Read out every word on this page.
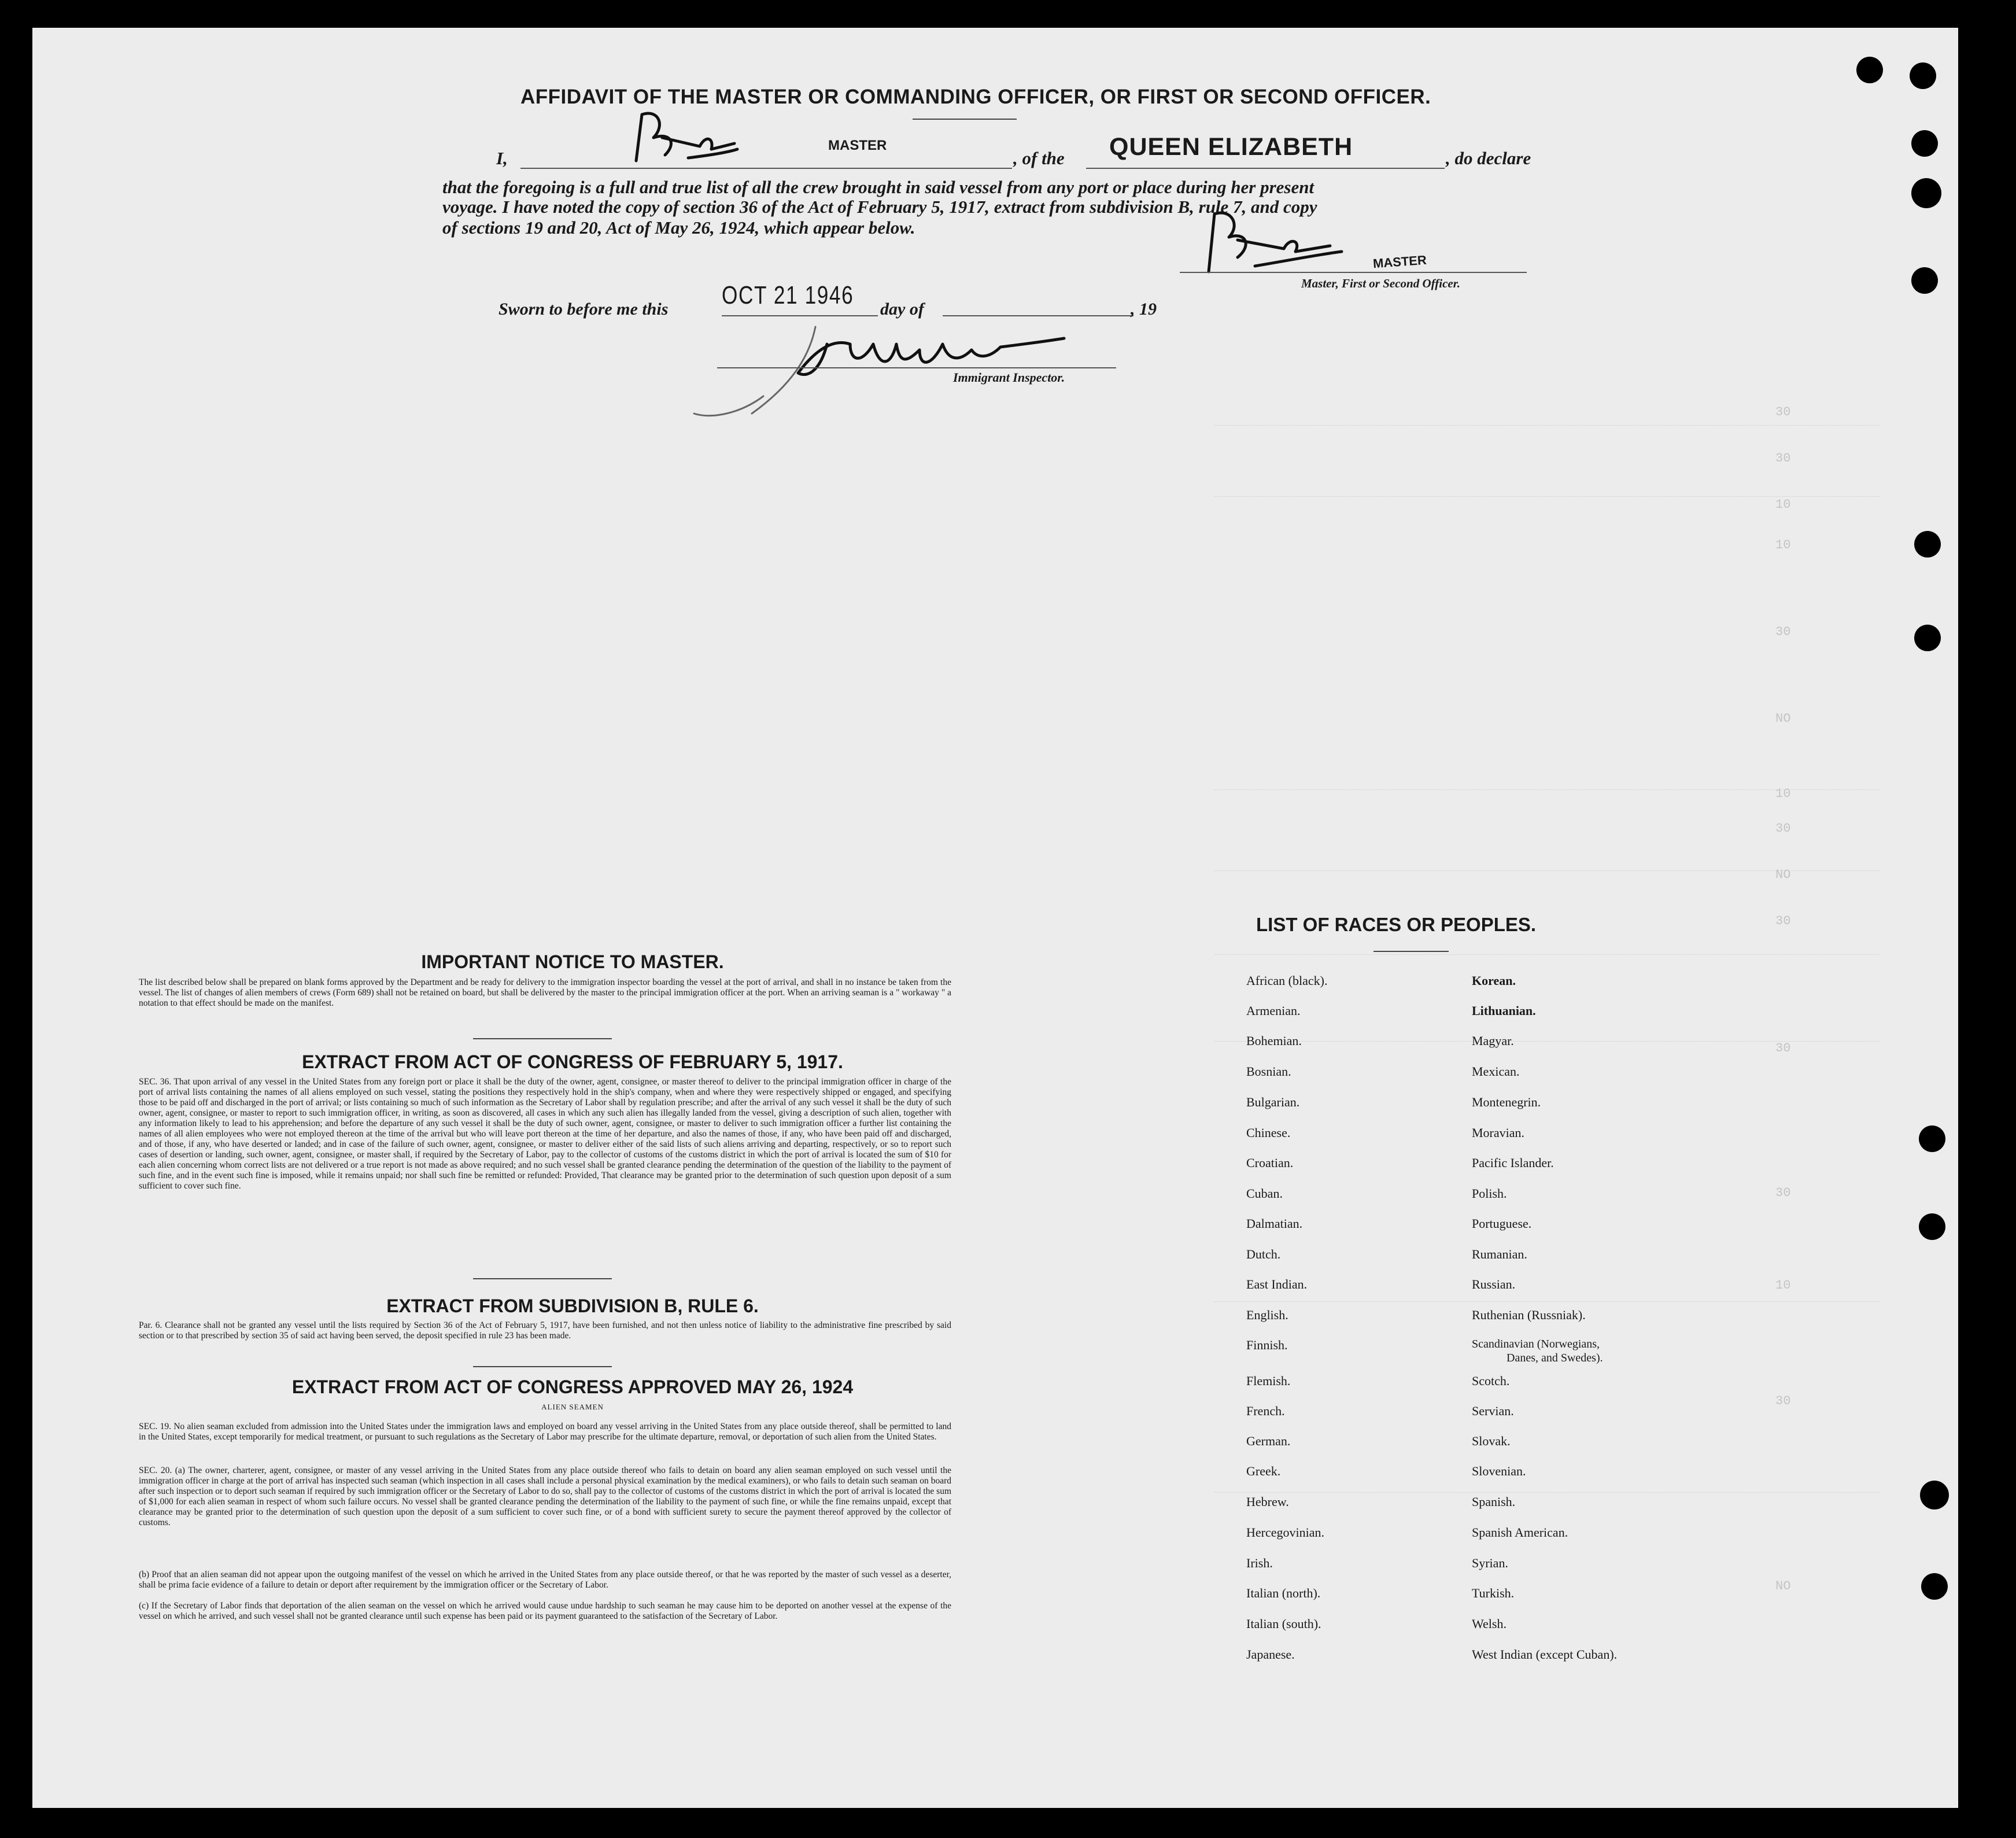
30
30
10
10
30
NO
10
30
NO
30
30
30
10
30
NO
AFFIDAVIT OF THE MASTER OR COMMANDING OFFICER, OR FIRST OR SECOND OFFICER.
I,
MASTER
, of the QUEEN ELIZABETH	, do declare
that the foregoing is a full and true list of all the crew brought in said vessel from any port or place during her present
voyage. I have noted the copy of section 36 of the Act of February 5, 1917, extract from subdivision B, rule 7, and copy
of sections 19 and 20, Act of May 26, 1924, which appear below.
MASTER
Master, First or Second Officer.
Sworn to before me this OCT 21 1946 day of	, 19
Immigrant Inspector.
IMPORTANT NOTICE TO MASTER.
The list described below shall be prepared on blank forms approved by the Department and be ready for delivery to the immigration inspector boarding the vessel at the port of arrival, and shall in no instance be taken from the vessel. The list of changes of alien members of crews (Form 689) shall not be retained on board, but shall be delivered by the master to the principal immigration officer at the port. When an arriving seaman is a " workaway " a notation to that effect should be made on the manifest.
EXTRACT FROM ACT OF CONGRESS OF FEBRUARY 5, 1917.
SEC. 36. That upon arrival of any vessel in the United States from any foreign port or place it shall be the duty of the owner, agent, consignee, or master thereof to deliver to the principal immigration officer in charge of the port of arrival lists containing the names of all aliens employed on such vessel, stating the positions they respectively hold in the ship's company, when and where they were respectively shipped or engaged, and specifying those to be paid off and discharged in the port of arrival; or lists containing so much of such information as the Secretary of Labor shall by regulation prescribe; and after the arrival of any such vessel it shall be the duty of such owner, agent, consignee, or master to report to such immigration officer, in writing, as soon as discovered, all cases in which any such alien has illegally landed from the vessel, giving a description of such alien, together with any information likely to lead to his apprehension; and before the departure of any such vessel it shall be the duty of such owner, agent, consignee, or master to deliver to such immigration officer a further list containing the names of all alien employees who were not employed thereon at the time of the arrival but who will leave port thereon at the time of her departure, and also the names of those, if any, who have been paid off and discharged, and of those, if any, who have deserted or landed; and in case of the failure of such owner, agent, consignee, or master to deliver either of the said lists of such aliens arriving and departing, respectively, or so to report such cases of desertion or landing, such owner, agent, consignee, or master shall, if required by the Secretary of Labor, pay to the collector of customs of the customs district in which the port of arrival is located the sum of $10 for each alien concerning whom correct lists are not delivered or a true report is not made as above required; and no such vessel shall be granted clearance pending the determination of the question of the liability to the payment of such fine, and in the event such fine is imposed, while it remains unpaid; nor shall such fine be remitted or refunded: Provided, That clearance may be granted prior to the determination of such question upon deposit of a sum sufficient to cover such fine.
EXTRACT FROM SUBDIVISION B, RULE 6.
Par. 6. Clearance shall not be granted any vessel until the lists required by Section 36 of the Act of February 5, 1917, have been furnished, and not then unless notice of liability to the administrative fine prescribed by said section or to that prescribed by section 35 of said act having been served, the deposit specified in rule 23 has been made.
EXTRACT FROM ACT OF CONGRESS APPROVED MAY 26, 1924
ALIEN SEAMEN
SEC. 19. No alien seaman excluded from admission into the United States under the immigration laws and employed on board any vessel arriving in the United States from any place outside thereof, shall be permitted to land in the United States, except temporarily for medical treatment, or pursuant to such regulations as the Secretary of Labor may prescribe for the ultimate departure, removal, or deportation of such alien from the United States.
SEC. 20. (a) The owner, charterer, agent, consignee, or master of any vessel arriving in the United States from any place outside thereof who fails to detain on board any alien seaman employed on such vessel until the immigration officer in charge at the port of arrival has inspected such seaman (which inspection in all cases shall include a personal physical examination by the medical examiners), or who fails to detain such seaman on board after such inspection or to deport such seaman if required by such immigration officer or the Secretary of Labor to do so, shall pay to the collector of customs of the customs district in which the port of arrival is located the sum of $1,000 for each alien seaman in respect of whom such failure occurs. No vessel shall be granted clearance pending the determination of the liability to the payment of such fine, or while the fine remains unpaid, except that clearance may be granted prior to the determination of such question upon the deposit of a sum sufficient to cover such fine, or of a bond with sufficient surety to secure the payment thereof approved by the collector of customs.
(b) Proof that an alien seaman did not appear upon the outgoing manifest of the vessel on which he arrived in the United States from any place outside thereof, or that he was reported by the master of such vessel as a deserter, shall be prima facie evidence of a failure to detain or deport after requirement by the immigration officer or the Secretary of Labor.
(c) If the Secretary of Labor finds that deportation of the alien seaman on the vessel on which he arrived would cause undue hardship to such seaman he may cause him to be deported on another vessel at the expense of the vessel on which he arrived, and such vessel shall not be granted clearance until such expense has been paid or its payment guaranteed to the satisfaction of the Secretary of Labor.
LIST OF RACES OR PEOPLES.
African (black).
Armenian.
Bohemian.
Bosnian.
Bulgarian.
Chinese.
Croatian.
Cuban.
Dalmatian.
Dutch.
East Indian.
English.
Finnish.
Flemish.
French.
German.
Greek.
Hebrew.
Hercegovinian.
Irish.
Italian (north).
Italian (south).
Japanese.
Korean.
Lithuanian.
Magyar.
Mexican.
Montenegrin.
Moravian.
Pacific Islander.
Polish.
Portuguese.
Rumanian.
Russian.
Ruthenian (Russniak).
Scandinavian (Norwegians,
Danes, and Swedes).
Scotch.
Servian.
Slovak.
Slovenian.
Spanish.
Spanish American.
Syrian.
Turkish.
Welsh.
West Indian (except Cuban).
